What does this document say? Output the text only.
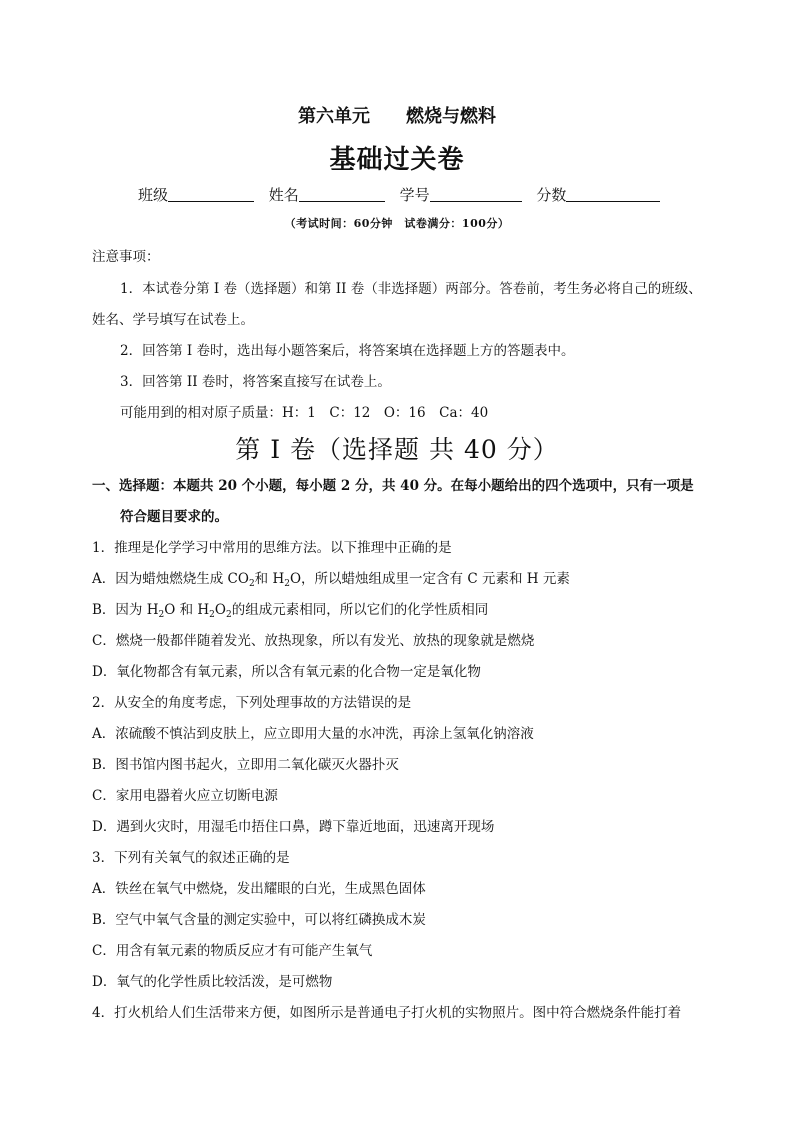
第六单元 燃烧与燃料
基础过关卷
班级	姓名	学号	分数
（考试时间：60分钟　试卷满分：100分）
注意事项：
1．本试卷分第 I 卷（选择题）和第 II 卷（非选择题）两部分。答卷前，考生务必将自己的班级、
姓名、学号填写在试卷上。
2．回答第 I 卷时，选出每小题答案后，将答案填在选择题上方的答题表中。
3．回答第 II 卷时，将答案直接写在试卷上。
可能用到的相对原子质量：H：1　C：12　O：16　Ca：40
第 I 卷（选择题 共 40 分）
一、选择题：本题共 20 个小题，每小题 2 分，共 40 分。在每小题给出的四个选项中，只有一项是
符合题目要求的。
1．推理是化学学习中常用的思维方法。以下推理中正确的是
A．因为蜡烛燃烧生成 $CO_2$和 $H_2O$，所以蜡烛组成里一定含有 C 元素和 H 元素
B．因为 $H_2O$ 和 $H_2O_2$的组成元素相同，所以它们的化学性质相同
C．燃烧一般都伴随着发光、放热现象，所以有发光、放热的现象就是燃烧
D．氧化物都含有氧元素，所以含有氧元素的化合物一定是氧化物
2．从安全的角度考虑，下列处理事故的方法错误的是
A．浓硫酸不慎沾到皮肤上，应立即用大量的水冲洗，再涂上氢氧化钠溶液
B．图书馆内图书起火，立即用二氧化碳灭火器扑灭
C．家用电器着火应立切断电源
D．遇到火灾时，用湿毛巾捂住口鼻，蹲下靠近地面，迅速离开现场
3．下列有关氧气的叙述正确的是
A．铁丝在氧气中燃烧，发出耀眼的白光，生成黑色固体
B．空气中氧气含量的测定实验中，可以将红磷换成木炭
C．用含有氧元素的物质反应才有可能产生氧气
D．氧气的化学性质比较活泼，是可燃物
4．打火机给人们生活带来方便，如图所示是普通电子打火机的实物照片。图中符合燃烧条件能打着
